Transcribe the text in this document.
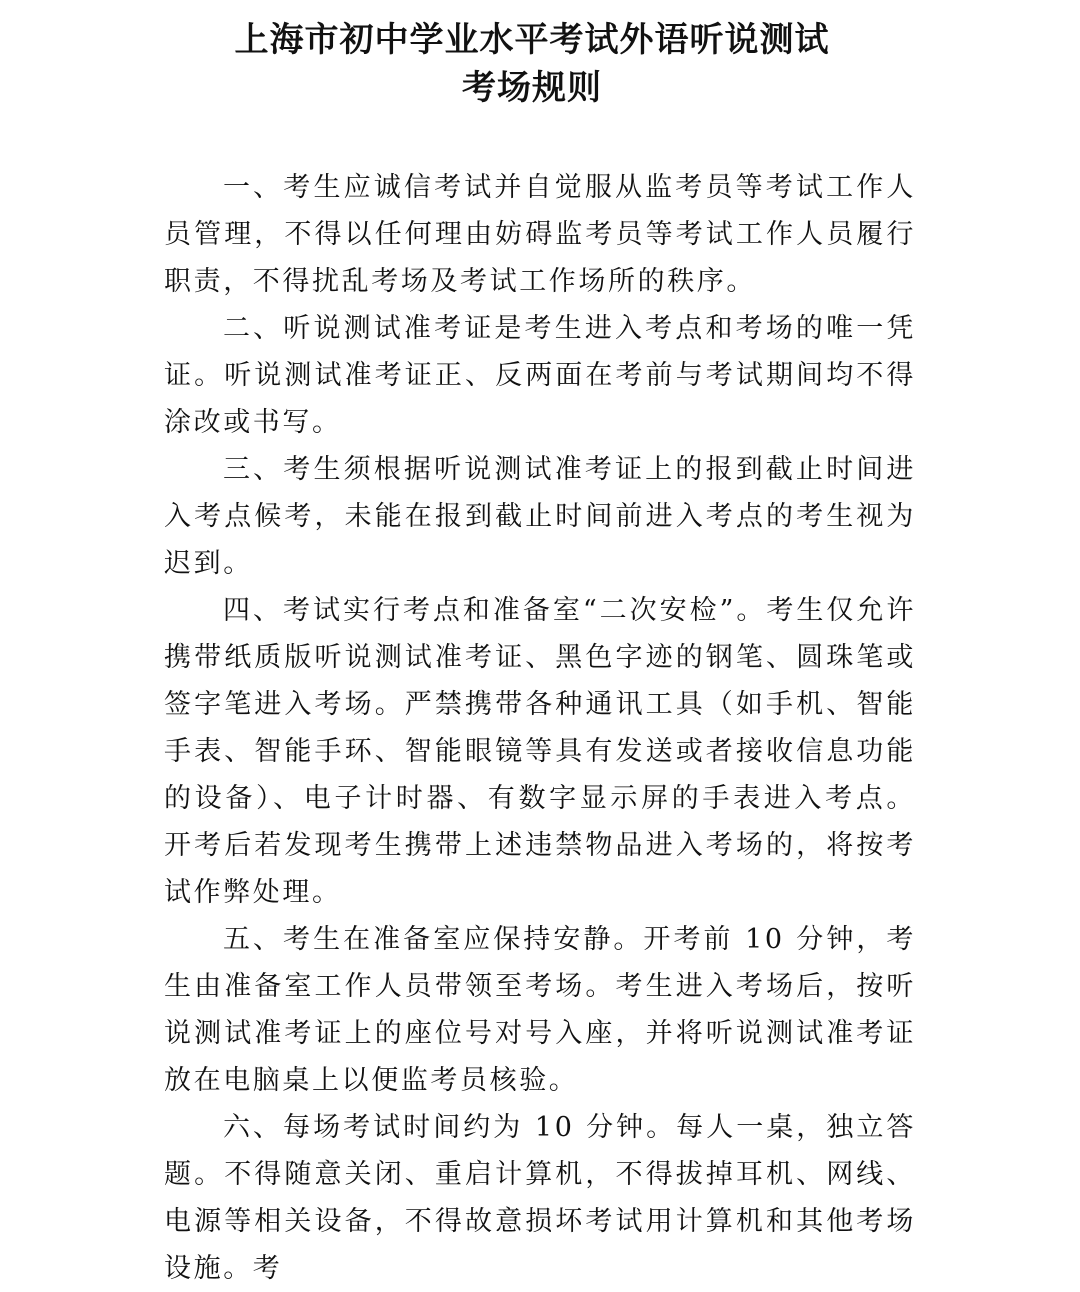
上海市初中学业水平考试外语听说测试
考场规则

一、考生应诚信考试并自觉服从监考员等考试工作人员管理，不得以任何理由妨碍监考员等考试工作人员履行职责，不得扰乱考场及考试工作场所的秩序。

二、听说测试准考证是考生进入考点和考场的唯一凭证。听说测试准考证正、反两面在考前与考试期间均不得涂改或书写。

三、考生须根据听说测试准考证上的报到截止时间进入考点候考，未能在报到截止时间前进入考点的考生视为迟到。

四、考试实行考点和准备室“二次安检”。考生仅允许携带纸质版听说测试准考证、黑色字迹的钢笔、圆珠笔或签字笔进入考场。严禁携带各种通讯工具（如手机、智能手表、智能手环、智能眼镜等具有发送或者接收信息功能的设备）、电子计时器、有数字显示屏的手表进入考点。开考后若发现考生携带上述违禁物品进入考场的，将按考试作弊处理。

五、考生在准备室应保持安静。开考前 10 分钟，考生由准备室工作人员带领至考场。考生进入考场后，按听说测试准考证上的座位号对号入座，并将听说测试准考证放在电脑桌上以便监考员核验。

六、每场考试时间约为 10 分钟。每人一桌，独立答题。不得随意关闭、重启计算机，不得拔掉耳机、网线、电源等相关设备，不得故意损坏考试用计算机和其他考场设施。考
